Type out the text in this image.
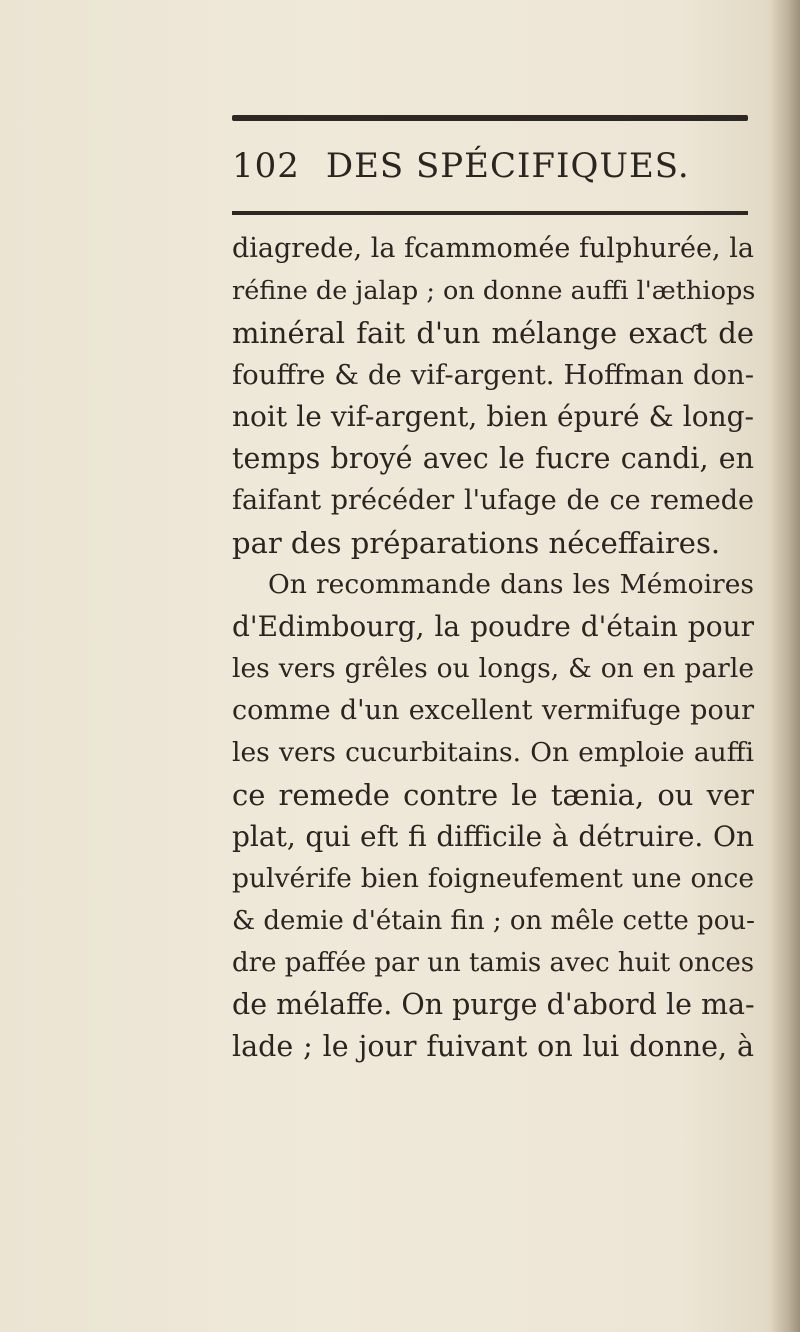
102 DES SPÉCIFIQUES.
diagrede, la fcammomée fulphurée, la
réfine de jalap ; on donne auffi l'æthiops
minéral fait d'un mélange exaƈt de
fouffre & de vif-argent. Hoffman don-
noit le vif-argent, bien épuré & long-
temps broyé avec le fucre candi, en
faifant précéder l'ufage de ce remede
par des préparations néceffaires.
On recommande dans les Mémoires
d'Edimbourg, la poudre d'étain pour
les vers grêles ou longs, & on en parle
comme d'un excellent vermifuge pour
les vers cucurbitains. On emploie auffi
ce remede contre le tænia, ou ver
plat, qui eft fi difficile à détruire. On
pulvérife bien foigneufement une once
& demie d'étain fin ; on mêle cette pou-
dre paffée par un tamis avec huit onces
de mélaffe. On purge d'abord le ma-
lade ; le jour fuivant on lui donne, à
